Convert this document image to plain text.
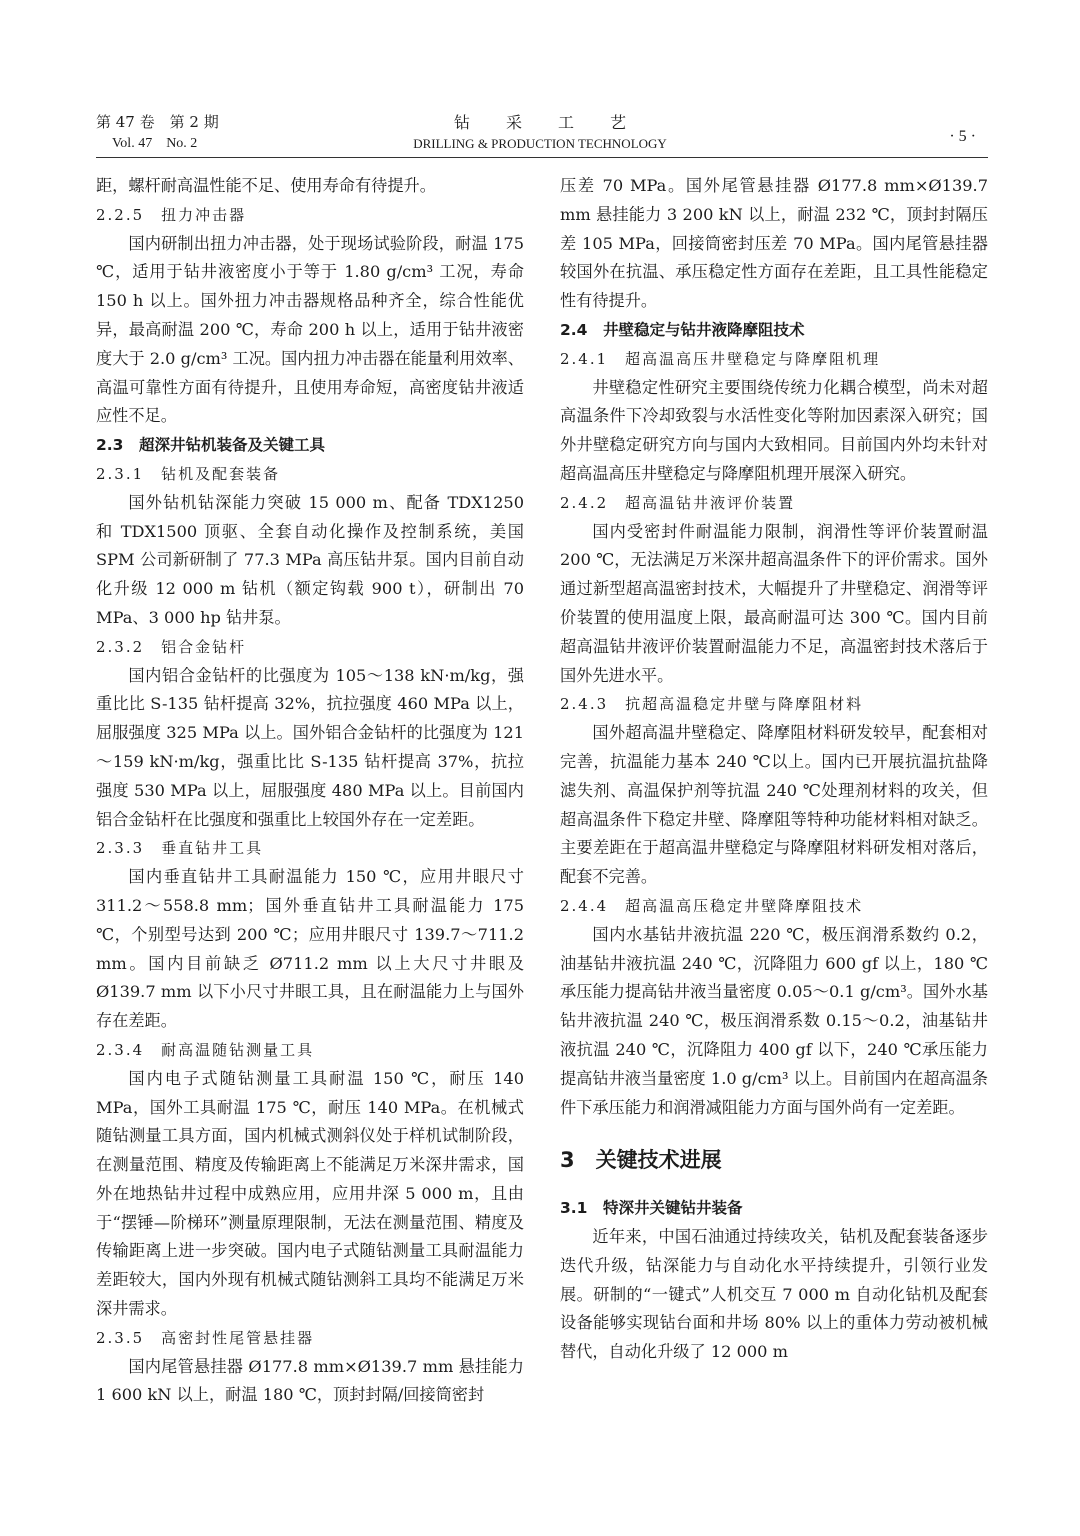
第 47 卷　第 2 期
Vol. 47　No. 2
钻采工艺
DRILLING & PRODUCTION TECHNOLOGY	· 5 ·

距，螺杆耐高温性能不足、使用寿命有待提升。

2.2.5　扭力冲击器

国内研制出扭力冲击器，处于现场试验阶段，耐温 175 ℃，适用于钻井液密度小于等于 1.80 g/cm³ 工况，寿命 150 h 以上。国外扭力冲击器规格品种齐全，综合性能优异，最高耐温 200 ℃，寿命 200 h 以上，适用于钻井液密度大于 2.0 g/cm³ 工况。国内扭力冲击器在能量利用效率、高温可靠性方面有待提升，且使用寿命短，高密度钻井液适应性不足。

2.3　超深井钻机装备及关键工具
2.3.1　钻机及配套装备

国外钻机钻深能力突破 15 000 m、配备 TDX1250 和 TDX1500 顶驱、全套自动化操作及控制系统，美国 SPM 公司新研制了 77.3 MPa 高压钻井泵。国内目前自动化升级 12 000 m 钻机（额定钩载 900 t），研制出 70 MPa、3 000 hp 钻井泵。

2.3.2　铝合金钻杆

国内铝合金钻杆的比强度为 105～138 kN·m/kg，强重比比 S-135 钻杆提高 32%，抗拉强度 460 MPa 以上，屈服强度 325 MPa 以上。国外铝合金钻杆的比强度为 121～159 kN·m/kg，强重比比 S-135 钻杆提高 37%，抗拉强度 530 MPa 以上，屈服强度 480 MPa 以上。目前国内铝合金钻杆在比强度和强重比上较国外存在一定差距。

2.3.3　垂直钻井工具

国内垂直钻井工具耐温能力 150 ℃，应用井眼尺寸 311.2～558.8 mm；国外垂直钻井工具耐温能力 175 ℃，个别型号达到 200 ℃；应用井眼尺寸 139.7～711.2 mm。国内目前缺乏 Ø711.2 mm 以上大尺寸井眼及 Ø139.7 mm 以下小尺寸井眼工具，且在耐温能力上与国外存在差距。

2.3.4　耐高温随钻测量工具

国内电子式随钻测量工具耐温 150 ℃，耐压 140 MPa，国外工具耐温 175 ℃，耐压 140 MPa。在机械式随钻测量工具方面，国内机械式测斜仪处于样机试制阶段，在测量范围、精度及传输距离上不能满足万米深井需求，国外在地热钻井过程中成熟应用，应用井深 5 000 m，且由于“摆锤—阶梯环”测量原理限制，无法在测量范围、精度及传输距离上进一步突破。国内电子式随钻测量工具耐温能力差距较大，国内外现有机械式随钻测斜工具均不能满足万米深井需求。

2.3.5　高密封性尾管悬挂器

国内尾管悬挂器 Ø177.8 mm×Ø139.7 mm 悬挂能力 1 600 kN 以上，耐温 180 ℃，顶封封隔/回接筒密封

压差 70 MPa。国外尾管悬挂器 Ø177.8 mm×Ø139.7 mm 悬挂能力 3 200 kN 以上，耐温 232 ℃，顶封封隔压差 105 MPa，回接筒密封压差 70 MPa。国内尾管悬挂器较国外在抗温、承压稳定性方面存在差距，且工具性能稳定性有待提升。

2.4　井壁稳定与钻井液降摩阻技术
2.4.1　超高温高压井壁稳定与降摩阻机理

井壁稳定性研究主要围绕传统力化耦合模型，尚未对超高温条件下冷却致裂与水活性变化等附加因素深入研究；国外井壁稳定研究方向与国内大致相同。目前国内外均未针对超高温高压井壁稳定与降摩阻机理开展深入研究。

2.4.2　超高温钻井液评价装置

国内受密封件耐温能力限制，润滑性等评价装置耐温 200 ℃，无法满足万米深井超高温条件下的评价需求。国外通过新型超高温密封技术，大幅提升了井壁稳定、润滑等评价装置的使用温度上限，最高耐温可达 300 ℃。国内目前超高温钻井液评价装置耐温能力不足，高温密封技术落后于国外先进水平。

2.4.3　抗超高温稳定井壁与降摩阻材料

国外超高温井壁稳定、降摩阻材料研发较早，配套相对完善，抗温能力基本 240 ℃以上。国内已开展抗温抗盐降滤失剂、高温保护剂等抗温 240 ℃处理剂材料的攻关，但超高温条件下稳定井壁、降摩阻等特种功能材料相对缺乏。主要差距在于超高温井壁稳定与降摩阻材料研发相对落后，配套不完善。

2.4.4　超高温高压稳定井壁降摩阻技术

国内水基钻井液抗温 220 ℃，极压润滑系数约 0.2，油基钻井液抗温 240 ℃，沉降阻力 600 gf 以上，180 ℃承压能力提高钻井液当量密度 0.05～0.1 g/cm³。国外水基钻井液抗温 240 ℃，极压润滑系数 0.15～0.2，油基钻井液抗温 240 ℃，沉降阻力 400 gf 以下，240 ℃承压能力提高钻井液当量密度 1.0 g/cm³ 以上。目前国内在超高温条件下承压能力和润滑减阻能力方面与国外尚有一定差距。

3　关键技术进展
3.1　特深井关键钻井装备

近年来，中国石油通过持续攻关，钻机及配套装备逐步迭代升级，钻深能力与自动化水平持续提升，引领行业发展。研制的“一键式”人机交互 7 000 m 自动化钻机及配套设备能够实现钻台面和井场 80% 以上的重体力劳动被机械替代，自动化升级了 12 000 m
